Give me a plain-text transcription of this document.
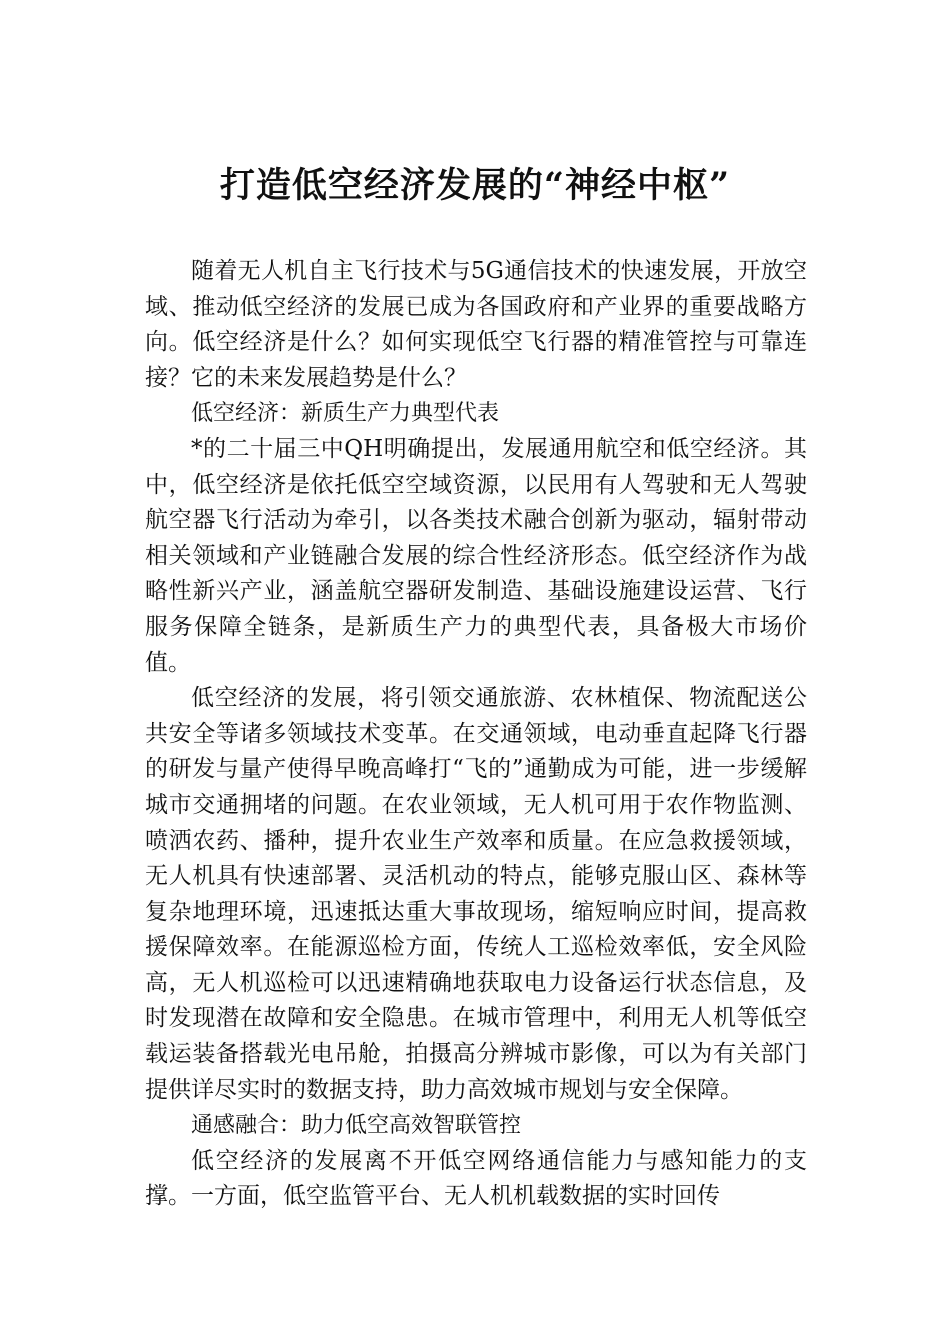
打造低空经济发展的“神经中枢”

随着无人机自主飞行技术与5G通信技术的快速发展，开放空域、推动低空经济的发展已成为各国政府和产业界的重要战略方向。低空经济是什么？如何实现低空飞行器的精准管控与可靠连接？它的未来发展趋势是什么？

低空经济：新质生产力典型代表

*的二十届三中QH明确提出，发展通用航空和低空经济。其中，低空经济是依托低空空域资源，以民用有人驾驶和无人驾驶航空器飞行活动为牵引，以各类技术融合创新为驱动，辐射带动相关领域和产业链融合发展的综合性经济形态。低空经济作为战略性新兴产业，涵盖航空器研发制造、基础设施建设运营、飞行服务保障全链条，是新质生产力的典型代表，具备极大市场价值。

低空经济的发展，将引领交通旅游、农林植保、物流配送公共安全等诸多领域技术变革。在交通领域，电动垂直起降飞行器的研发与量产使得早晚高峰打“飞的”通勤成为可能，进一步缓解城市交通拥堵的问题。在农业领域，无人机可用于农作物监测、喷洒农药、播种，提升农业生产效率和质量。在应急救援领域，无人机具有快速部署、灵活机动的特点，能够克服山区、森林等复杂地理环境，迅速抵达重大事故现场，缩短响应时间，提高救援保障效率。在能源巡检方面，传统人工巡检效率低，安全风险高，无人机巡检可以迅速精确地获取电力设备运行状态信息，及时发现潜在故障和安全隐患。在城市管理中，利用无人机等低空载运装备搭载光电吊舱，拍摄高分辨城市影像，可以为有关部门提供详尽实时的数据支持，助力高效城市规划与安全保障。

通感融合：助力低空高效智联管控

低空经济的发展离不开低空网络通信能力与感知能力的支撑。一方面，低空监管平台、无人机机载数据的实时回传
